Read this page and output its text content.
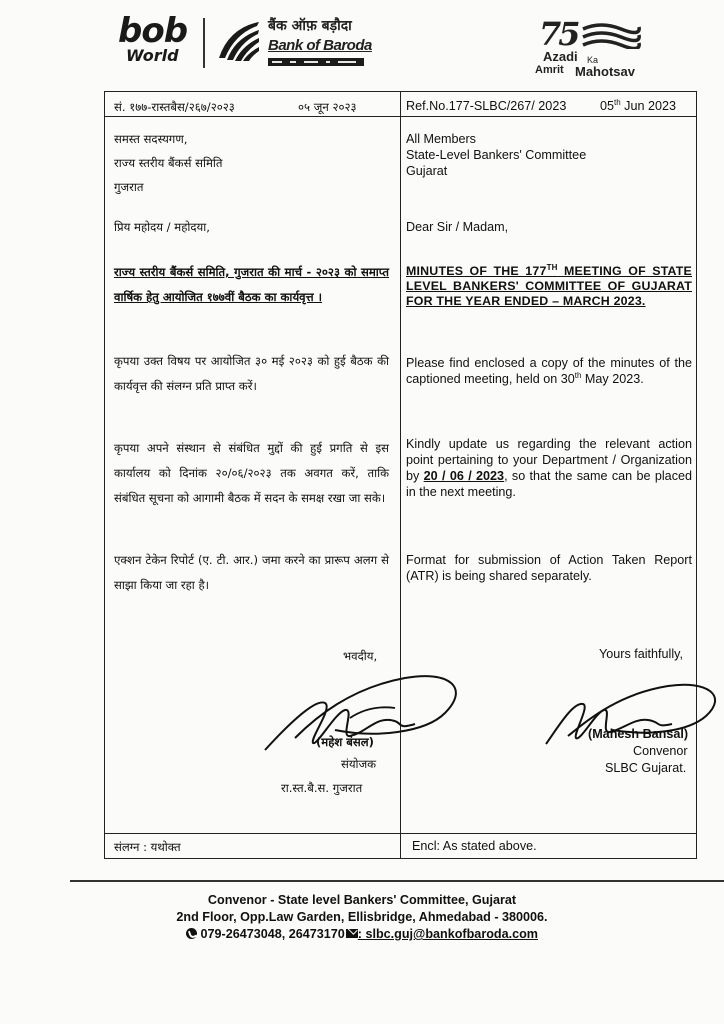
bob
World
बैंक ऑफ़ बड़ौदा
Bank of Baroda	75
Azadi Ka
Amrit Mahotsav
सं. १७७-रास्तबैस/२६७/२०२३	०५ जून २०२३
समस्त सदस्यगण,
राज्य स्तरीय बैंकर्स समिति
गुजरात
प्रिय महोदय / महोदया,
राज्य स्तरीय बैंकर्स समिति, गुजरात की मार्च - २०२३ को समाप्त वार्षिक हेतु आयोजित १७७वीं बैठक का कार्यवृत्त ।
कृपया उक्त विषय पर आयोजित ३० मई २०२३ को हुई बैठक की कार्यवृत्त की संलग्न प्रति प्राप्त करें।
कृपया अपने संस्थान से संबंधित मुद्दों की हुई प्रगति से इस कार्यालय को दिनांक २०/०६/२०२३ तक अवगत करें, ताकि संबंधित सूचना को आगामी बैठक में सदन के समक्ष रखा जा सके।
एक्शन टेकेन रिपोर्ट (ए. टी. आर.) जमा करने का प्रारूप अलग से साझा किया जा रहा है।
भवदीय,
(महेश बंसल)
संयोजक
रा.स्त.बै.स. गुजरात
संलग्न : यथोक्त
Ref.No.177-SLBC/267/ 2023	05th Jun 2023
All Members
State-Level Bankers' Committee
Gujarat
Dear Sir / Madam,
MINUTES OF THE 177TH MEETING OF STATE LEVEL BANKERS' COMMITTEE OF GUJARAT FOR THE YEAR ENDED – MARCH 2023.
Please find enclosed a copy of the minutes of the captioned meeting, held on 30th May 2023.
Kindly update us regarding the relevant action point pertaining to your Department / Organization by 20 / 06 / 2023, so that the same can be placed in the next meeting.
Format for submission of Action Taken Report (ATR) is being shared separately.
Yours faithfully,
(Mahesh Bansal)
Convenor
SLBC Gujarat.
Encl: As stated above.
Convenor - State level Bankers' Committee, Gujarat
2nd Floor, Opp.Law Garden, Ellisbridge, Ahmedabad - 380006.
079-26473048, 26473170 : slbc.guj@bankofbaroda.com
